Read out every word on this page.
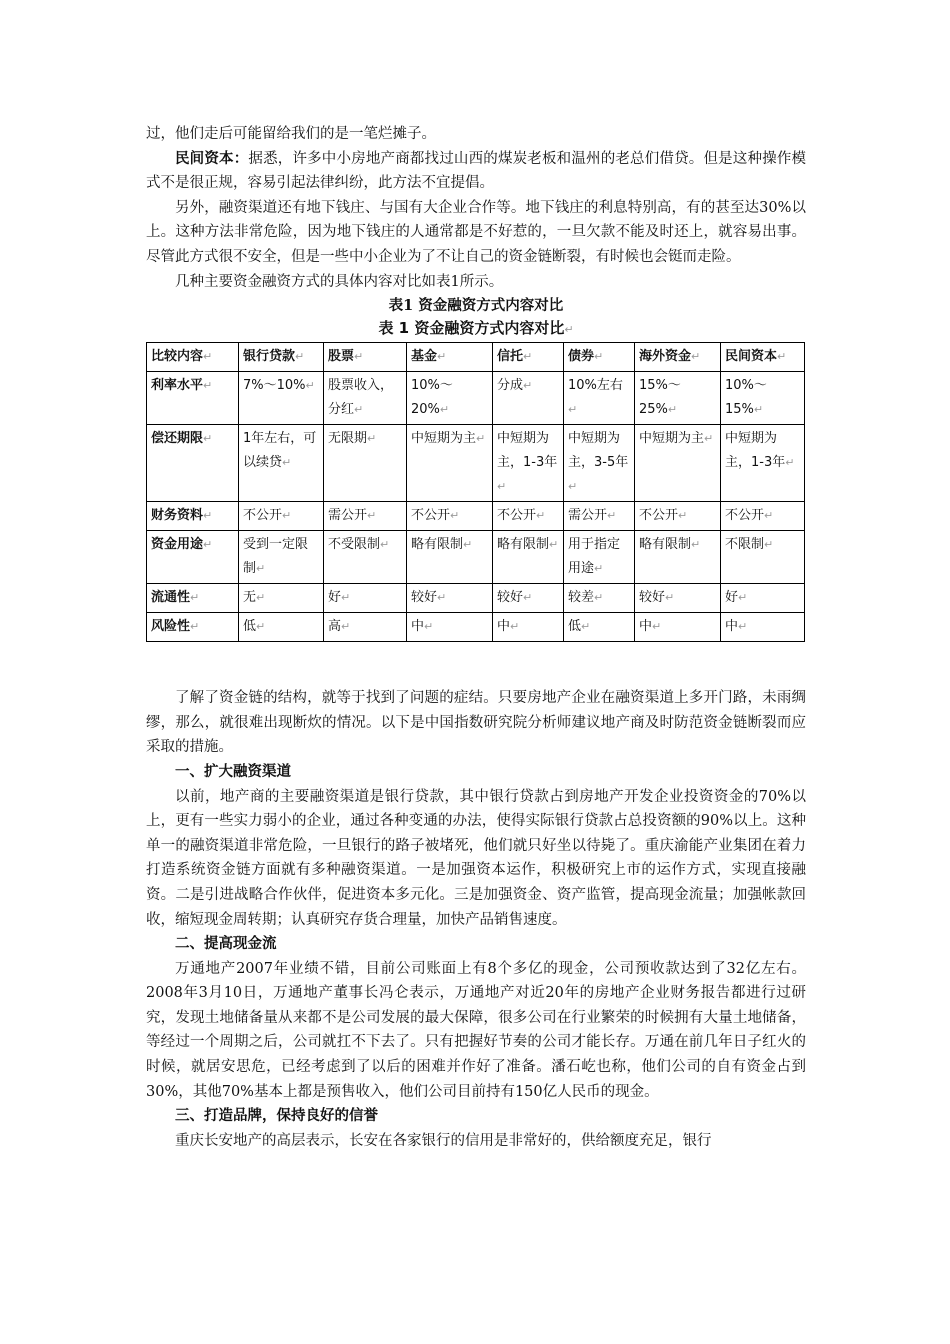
过，他们走后可能留给我们的是一笔烂摊子。

民间资本：据悉，许多中小房地产商都找过山西的煤炭老板和温州的老总们借贷。但是这种操作模式不是很正规，容易引起法律纠纷，此方法不宜提倡。

另外，融资渠道还有地下钱庄、与国有大企业合作等。地下钱庄的利息特别高，有的甚至达30%以上。这种方法非常危险，因为地下钱庄的人通常都是不好惹的，一旦欠款不能及时还上，就容易出事。尽管此方式很不安全，但是一些中小企业为了不让自己的资金链断裂，有时候也会铤而走险。

几种主要资金融资方式的具体内容对比如表1所示。

表1 资金融资方式内容对比

表 1 资金融资方式内容对比↵

比较内容↵	银行贷款↵	股票↵	基金↵	信托↵	债券↵	海外资金↵	民间资本↵
利率水平↵	7%～10%↵	股票收入，分红↵	10%～20%↵	分成↵	10%左右↵	15%～25%↵	10%～15%↵
偿还期限↵	1年左右，可以续贷↵	无限期↵	中短期为主↵	中短期为主，1-3年↵	中短期为主，3-5年↵	中短期为主↵	中短期为主，1-3年↵
财务资料↵	不公开↵	需公开↵	不公开↵	不公开↵	需公开↵	不公开↵	不公开↵
资金用途↵	受到一定限制↵	不受限制↵	略有限制↵	略有限制↵	用于指定用途↵	略有限制↵	不限制↵
流通性↵	无↵	好↵	较好↵	较好↵	较差↵	较好↵	好↵
风险性↵	低↵	高↵	中↵	中↵	低↵	中↵	中↵

了解了资金链的结构，就等于找到了问题的症结。只要房地产企业在融资渠道上多开门路，未雨绸缪，那么，就很难出现断炊的情况。以下是中国指数研究院分析师建议地产商及时防范资金链断裂而应采取的措施。

一、扩大融资渠道

以前，地产商的主要融资渠道是银行贷款，其中银行贷款占到房地产开发企业投资资金的70%以上，更有一些实力弱小的企业，通过各种变通的办法，使得实际银行贷款占总投资额的90%以上。这种单一的融资渠道非常危险，一旦银行的路子被堵死，他们就只好坐以待毙了。重庆渝能产业集团在着力打造系统资金链方面就有多种融资渠道。一是加强资本运作，积极研究上市的运作方式，实现直接融资。二是引进战略合作伙伴，促进资本多元化。三是加强资金、资产监管，提高现金流量；加强帐款回收，缩短现金周转期；认真研究存货合理量，加快产品销售速度。

二、提高现金流

万通地产2007年业绩不错，目前公司账面上有8个多亿的现金，公司预收款达到了32亿左右。2008年3月10日，万通地产董事长冯仑表示，万通地产对近20年的房地产企业财务报告都进行过研究，发现土地储备量从来都不是公司发展的最大保障，很多公司在行业繁荣的时候拥有大量土地储备，等经过一个周期之后，公司就扛不下去了。只有把握好节奏的公司才能长存。万通在前几年日子红火的时候，就居安思危，已经考虑到了以后的困难并作好了准备。潘石屹也称，他们公司的自有资金占到30%，其他70%基本上都是预售收入，他们公司目前持有150亿人民币的现金。

三、打造品牌，保持良好的信誉

重庆长安地产的高层表示，长安在各家银行的信用是非常好的，供给额度充足，银行
